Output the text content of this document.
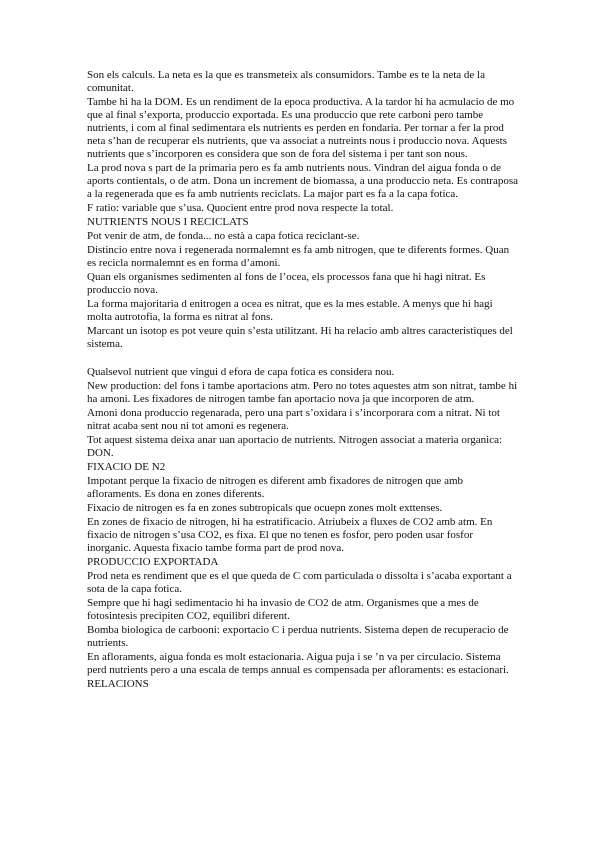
Son els calculs. La neta es la que es transmeteix als consumidors. Tambe es te la neta de la comunitat.
Tambe hi ha la DOM. Es un rendiment de la epoca productiva. A la tardor hi ha acmulacio de mo que al final s’exporta, produccio exportada. Es una produccio que rete carboni pero tambe nutrients, i com al final sedimentara els nutrients es perden en fondaria. Per tornar a fer la prod neta s’han de recuperar els nutrients, que va associat a nutreints nous i produccio nova. Aquests nutrients que s’incorporen es considera que son de fora del sistema i per tant son nous.
La prod nova s part de la primaria pero es fa amb nutrients nous. Vindran del aigua fonda o de aports contientals, o de atm. Dona un increment de biomassa, a una produccio neta. Es contraposa a la regenerada que es fa amb nutrients reciclats. La major part es fa a la capa fotica.
F ratio: variable que s’usa. Quocient entre prod nova respecte la total.
NUTRIENTS NOUS I RECICLATS
Pot venir de atm, de fonda... no està a capa fotica reciclant-se.
Distincio entre nova i regenerada normalemnt es fa amb nitrogen, que te diferents formes. Quan es recicla normalemnt es en forma d’amoni.
Quan els organismes sedimenten al fons de l’ocea, els processos fana que hi hagi nitrat. Es produccio nova.
La forma majoritaria d enitrogen a ocea es nitrat, que es la mes estable. A menys que hi hagi molta autrotofia, la forma es nitrat al fons.
Marcant un isotop es pot veure quin s’esta utilitzant. Hi ha relacio amb altres caracteristiques del sistema.
Qualsevol nutrient que vingui d efora de capa fotica es considera nou.
New production: del fons i tambe aportacions atm. Pero no totes aquestes atm son nitrat, tambe hi ha amoni. Les fixadores de nitrogen tambe fan aportacio nova ja que incorporen de atm.
Amoni dona produccio regenarada, pero una part s’oxidara i s’incorporara com a nitrat. Ni tot nitrat acaba sent nou ni tot amoni es regenera.
Tot aquest sistema deixa anar uan aportacio de nutrients. Nitrogen associat a materia organica: DON.
FIXACIO DE N2
Impotant perque la fixacio de nitrogen es diferent amb fixadores de nitrogen que amb afloraments. Es dona en zones diferents.
Fixacio de nitrogen es fa en zones subtropicals que ocuepn zones molt exttenses.
En zones de fixacio de nitrogen, hi ha estratificacio. Atriubeix a fluxes de CO2 amb atm. En fixacio de nitrogen s’usa CO2, es fixa. El que no tenen es fosfor, pero poden usar fosfor inorganic. Aquesta fixacio tambe forma part de prod nova.
PRODUCCIO EXPORTADA
Prod neta es rendiment que es el que queda de C com particulada o dissolta i s’acaba exportant a sota de la capa fotica.
Sempre que hi hagi sedimentacio hi ha invasio de CO2 de atm. Organismes que a mes de fotosintesis precipiten CO2, equilibri diferent.
Bomba biologica de carbooni: exportacio C i perdua nutrients. Sistema depen de recuperacio de nutrients.
En afloraments, aigua fonda es molt estacionaria. Aigua puja i se ’n va per circulacio. Sistema perd nutrients pero a una escala de temps annual es compensada per afloraments: es estacionari.
RELACIONS
